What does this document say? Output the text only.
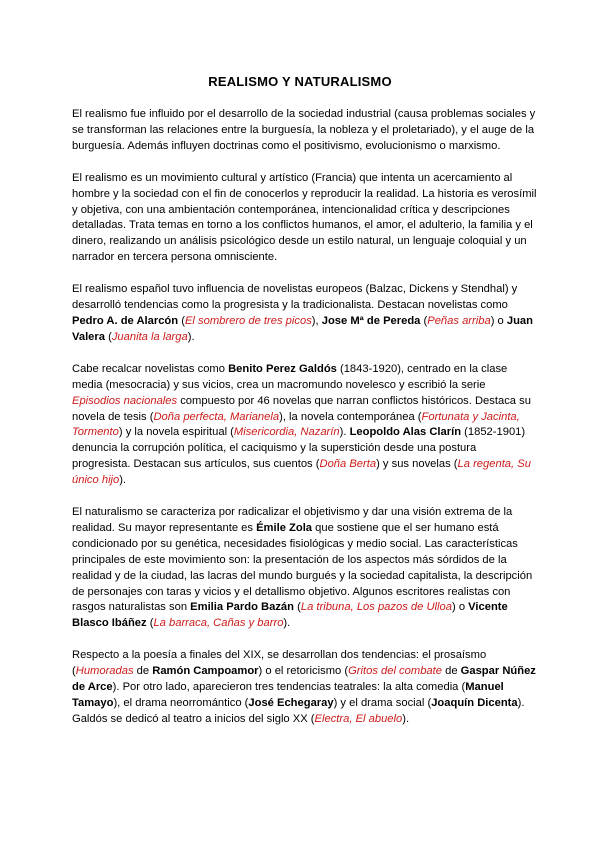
REALISMO Y NATURALISMO

El realismo fue influido por el desarrollo de la sociedad industrial (causa problemas sociales y se transforman las relaciones entre la burguesía, la nobleza y el proletariado), y el auge de la burguesía. Además influyen doctrinas como el positivismo, evolucionismo o marxismo.

El realismo es un movimiento cultural y artístico (Francia) que intenta un acercamiento al hombre y la sociedad con el fin de conocerlos y reproducir la realidad. La historia es verosímil y objetiva, con una ambientación contemporánea, intencionalidad crítica y descripciones detalladas. Trata temas en torno a los conflictos humanos, el amor, el adulterio, la familia y el dinero, realizando un análisis psicológico desde un estilo natural, un lenguaje coloquial y un narrador en tercera persona omnisciente.

El realismo español tuvo influencia de novelistas europeos (Balzac, Dickens y Stendhal) y desarrolló tendencias como la progresista y la tradicionalista. Destacan novelistas como Pedro A. de Alarcón (El sombrero de tres picos), Jose Mª de Pereda (Peñas arriba) o Juan Valera (Juanita la larga).

Cabe recalcar novelistas como Benito Perez Galdós (1843-1920), centrado en la clase media (mesocracia) y sus vicios, crea un macromundo novelesco y escribió la serie Episodios nacionales compuesto por 46 novelas que narran conflictos históricos. Destaca su novela de tesis (Doña perfecta, Marianela), la novela contemporánea (Fortunata y Jacinta, Tormento) y la novela espiritual (Misericordia, Nazarín). Leopoldo Alas Clarín (1852-1901) denuncia la corrupción política, el caciquismo y la superstición desde una postura progresista. Destacan sus artículos, sus cuentos (Doña Berta) y sus novelas (La regenta, Su único hijo).

El naturalismo se caracteriza por radicalizar el objetivismo y dar una visión extrema de la realidad. Su mayor representante es Émile Zola que sostiene que el ser humano está condicionado por su genética, necesidades fisiológicas y medio social. Las características principales de este movimiento son: la presentación de los aspectos más sórdidos de la realidad y de la ciudad, las lacras del mundo burgués y la sociedad capitalista, la descripción de personajes con taras y vicios y el detallismo objetivo. Algunos escritores realistas con rasgos naturalistas son Emilia Pardo Bazán (La tribuna, Los pazos de Ulloa) o Vicente Blasco Ibáñez (La barraca, Cañas y barro).

Respecto a la poesía a finales del XIX, se desarrollan dos tendencias: el prosaísmo (Humoradas de Ramón Campoamor) o el retoricismo (Gritos del combate de Gaspar Núñez de Arce). Por otro lado, aparecieron tres tendencias teatrales: la alta comedia (Manuel Tamayo), el drama neorromántico (José Echegaray) y el drama social (Joaquín Dicenta). Galdós se dedicó al teatro a inicios del siglo XX (Electra, El abuelo).
